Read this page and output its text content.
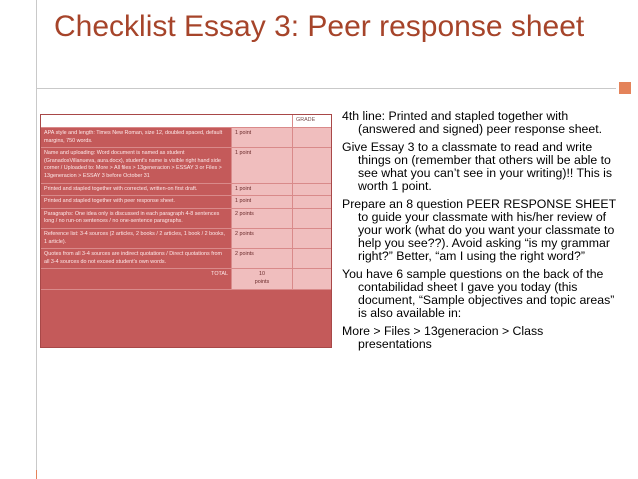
Checklist Essay 3: Peer response sheet
		GRADE
APA style and length: Times New Roman, size 12, doubled spaced, default margins, 750 words.	1 point	
Name and uploading: Word document is named as student (GranadosVillanueva, aura.docx), student's name is visible right hand side corner / Uploaded to: More > All files > 13generacion > ESSAY 3 or Files > 13generacion > ESSAY 3 before October 31	1 point	
Printed and stapled together with corrected, written-on first draft.	1 point	
Printed and stapled together with peer response sheet.	1 point	
Paragraphs: One idea only is discussed in each paragraph 4-8 sentences long / no run-on sentences / no one-sentence paragraphs.	2 points	
Reference list: 3-4 sources (2 articles, 2 books / 2 articles, 1 book / 2 books, 1 article).	2 points	
Quotes from all 3-4 sources are indirect quotations / Direct quotations from all 3-4 sources do not exceed student's own words.	2 points	
TOTAL	10
points	

4th line: Printed and stapled together with (answered and signed) peer response sheet.

Give Essay 3 to a classmate to read and write things on (remember that others will be able to see what you can’t see in your writing)!! This is worth 1 point.

Prepare an 8 question PEER RESPONSE SHEET to guide your classmate with his/her review of your work (what do you want your classmate to help you see??). Avoid asking “is my grammar right?” Better, “am I using the right word?”

You have 6 sample questions on the back of the contabilidad sheet I gave you today (this document, “Sample objectives and topic areas” is also available in:

More > Files > 13generacion > Class presentations
